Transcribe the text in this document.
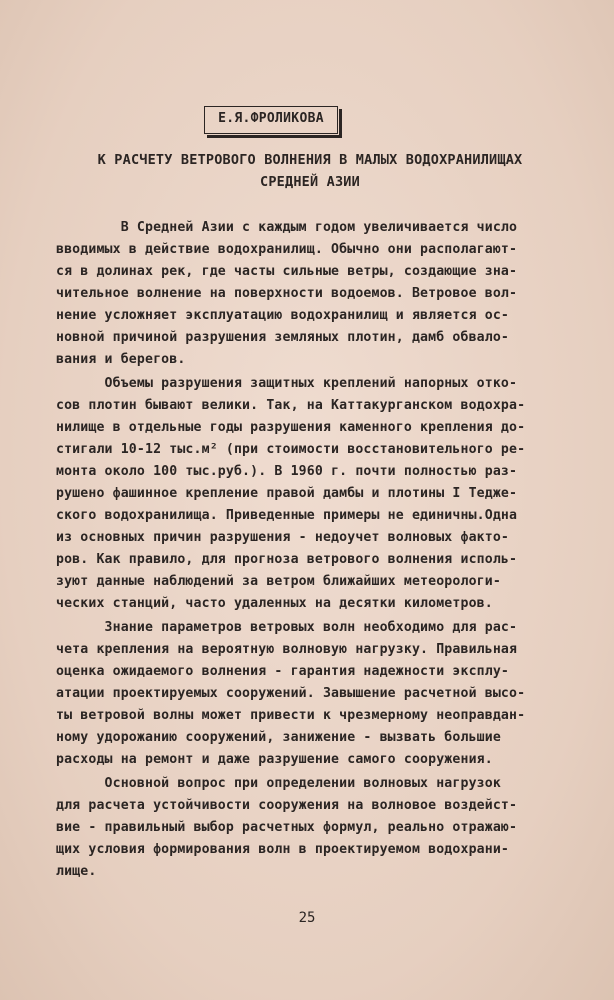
Е.Я.ФРОЛИКОВА
К РАСЧЕТУ ВЕТРОВОГО ВОЛНЕНИЯ В МАЛЫХ ВОДОХРАНИЛИЩАХ
СРЕДНЕЙ АЗИИ
В Средней Азии с каждым годом увеличивается число
вводимых в действие водохранилищ. Обычно они располагают-
ся в долинах рек, где часты сильные ветры, создающие зна-
чительное волнение на поверхности водоемов. Ветровое вол-
нение усложняет эксплуатацию водохранилищ и является ос-
новной причиной разрушения земляных плотин, дамб обвало-
вания и берегов.
Объемы разрушения защитных креплений напорных отко-
сов плотин бывают велики. Так, на Каттакурганском водохра-
нилище в отдельные годы разрушения каменного крепления до-
стигали 10-12 тыс.м² (при стоимости восстановительного ре-
монта около 100 тыс.руб.). В 1960 г. почти полностью раз-
рушено фашинное крепление правой дамбы и плотины I Тедже-
ского водохранилища. Приведенные примеры не единичны.Одна
из основных причин разрушения - недоучет волновых факто-
ров. Как правило, для прогноза ветрового волнения исполь-
зуют данные наблюдений за ветром ближайших метеорологи-
ческих станций, часто удаленных на десятки километров.
Знание параметров ветровых волн необходимо для рас-
чета крепления на вероятную волновую нагрузку. Правильная
оценка ожидаемого волнения - гарантия надежности эксплу-
атации проектируемых сооружений. Завышение расчетной высо-
ты ветровой волны может привести к чрезмерному неоправдан-
ному удорожанию сооружений, занижение - вызвать большие
расходы на ремонт и даже разрушение самого сооружения.
Основной вопрос при определении волновых нагрузок
для расчета устойчивости сооружения на волновое воздейст-
вие - правильный выбор расчетных формул, реально отражаю-
щих условия формирования волн в проектируемом водохрани-
лище.
25
